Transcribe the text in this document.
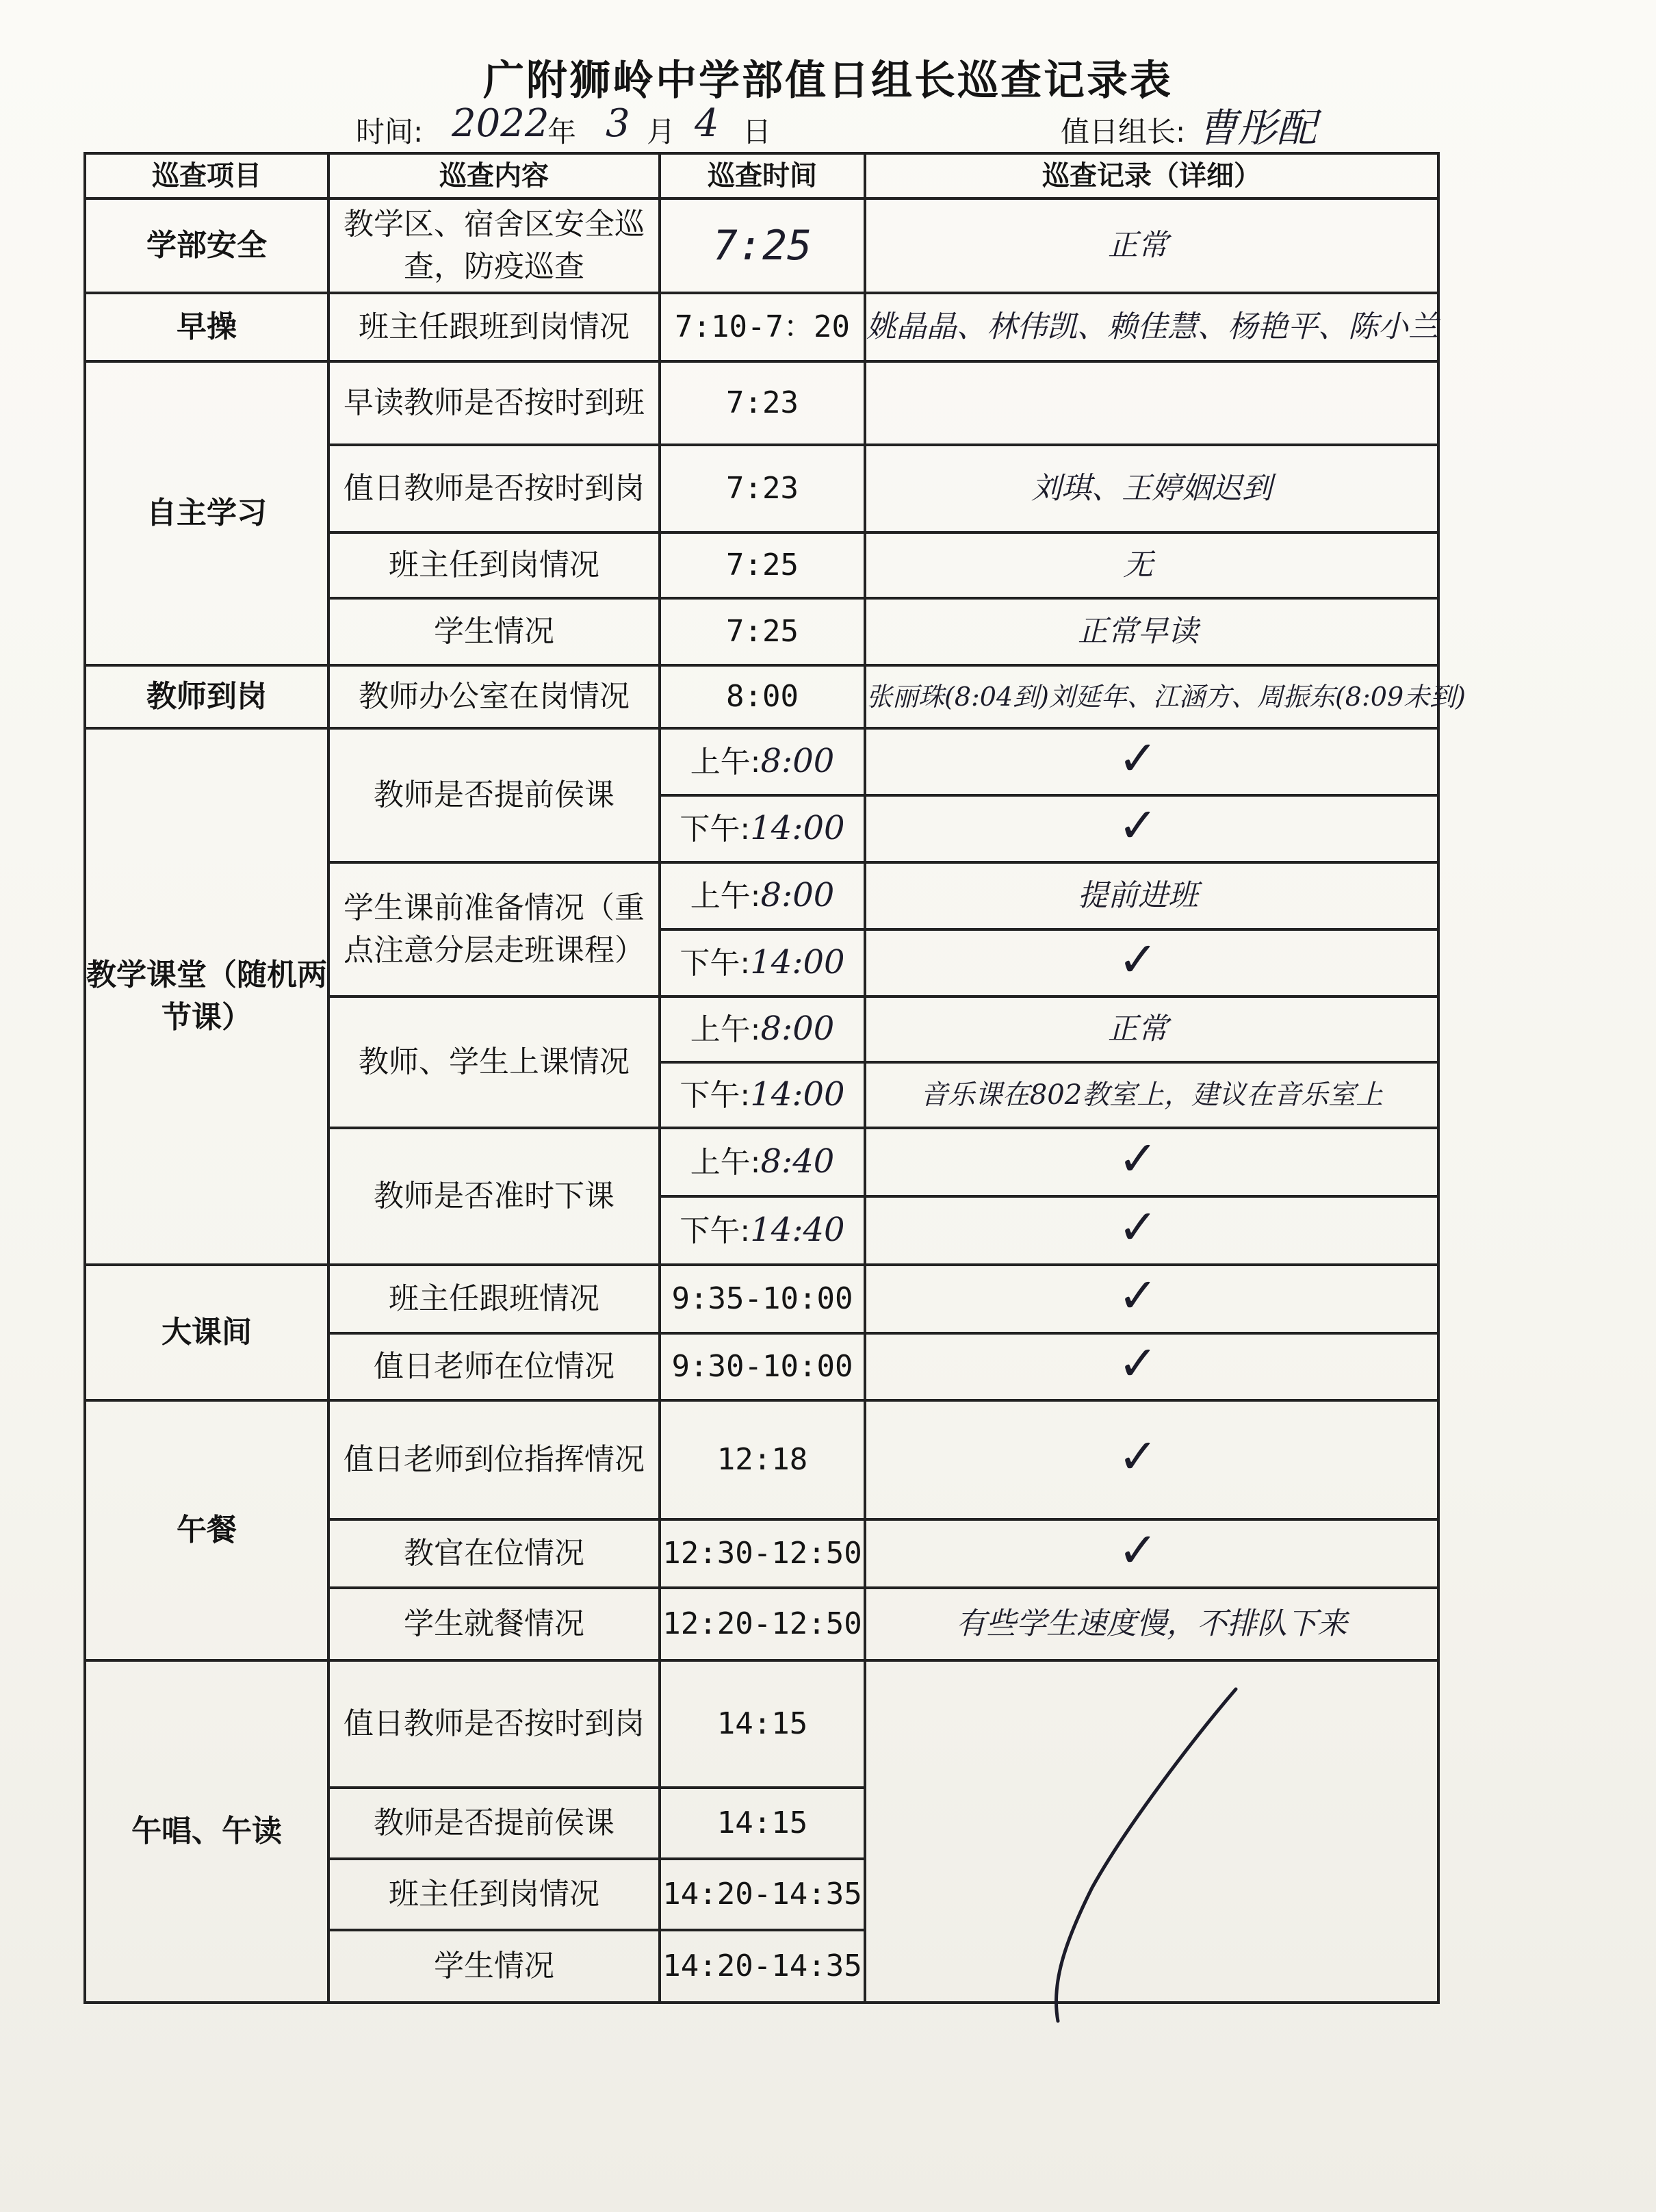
广附狮岭中学部值日组长巡查记录表
时间: 2022
年 3 月 4 日	值日组长: 曹彤配
巡查项目	巡查内容	巡查时间	巡查记录（详细）
学部安全	教学区、宿舍区安全巡查，防疫巡查	7:25	正常
早操	班主任跟班到岗情况	7:10-7：20	姚晶晶、林伟凯、赖佳慧、杨艳平、陈小兰
自主学习	早读教师是否按时到班	7:23	
	值日教师是否按时到岗	7:23	刘琪、王婷姻迟到
	班主任到岗情况	7:25	无
	学生情况	7:25	正常早读
教师到岗	教师办公室在岗情况	8:00	张丽珠(8:04到)刘延年、江涵方、周振东(8:09未到)
教学课堂（随机两节课）	教师是否提前侯课	上午:8:00	✓
		下午:14:00	✓
	学生课前准备情况（重点注意分层走班课程）	上午:8:00	提前进班
		下午:14:00	✓
	教师、学生上课情况	上午:8:00	正常
		下午:14:00	音乐课在802教室上，建议在音乐室上
	教师是否准时下课	上午:8:40	✓
		下午:14:40	✓
大课间	班主任跟班情况	9:35-10:00	✓
	值日老师在位情况	9:30-10:00	✓
午餐	值日老师到位指挥情况	12:18	✓
	教官在位情况	12:30-12:50	✓
	学生就餐情况	12:20-12:50	有些学生速度慢，不排队下来
午唱、午读	值日教师是否按时到岗	14:15	

	教师是否提前侯课	14:15	
	班主任到岗情况	14:20-14:35	
	学生情况	14:20-14:35	
